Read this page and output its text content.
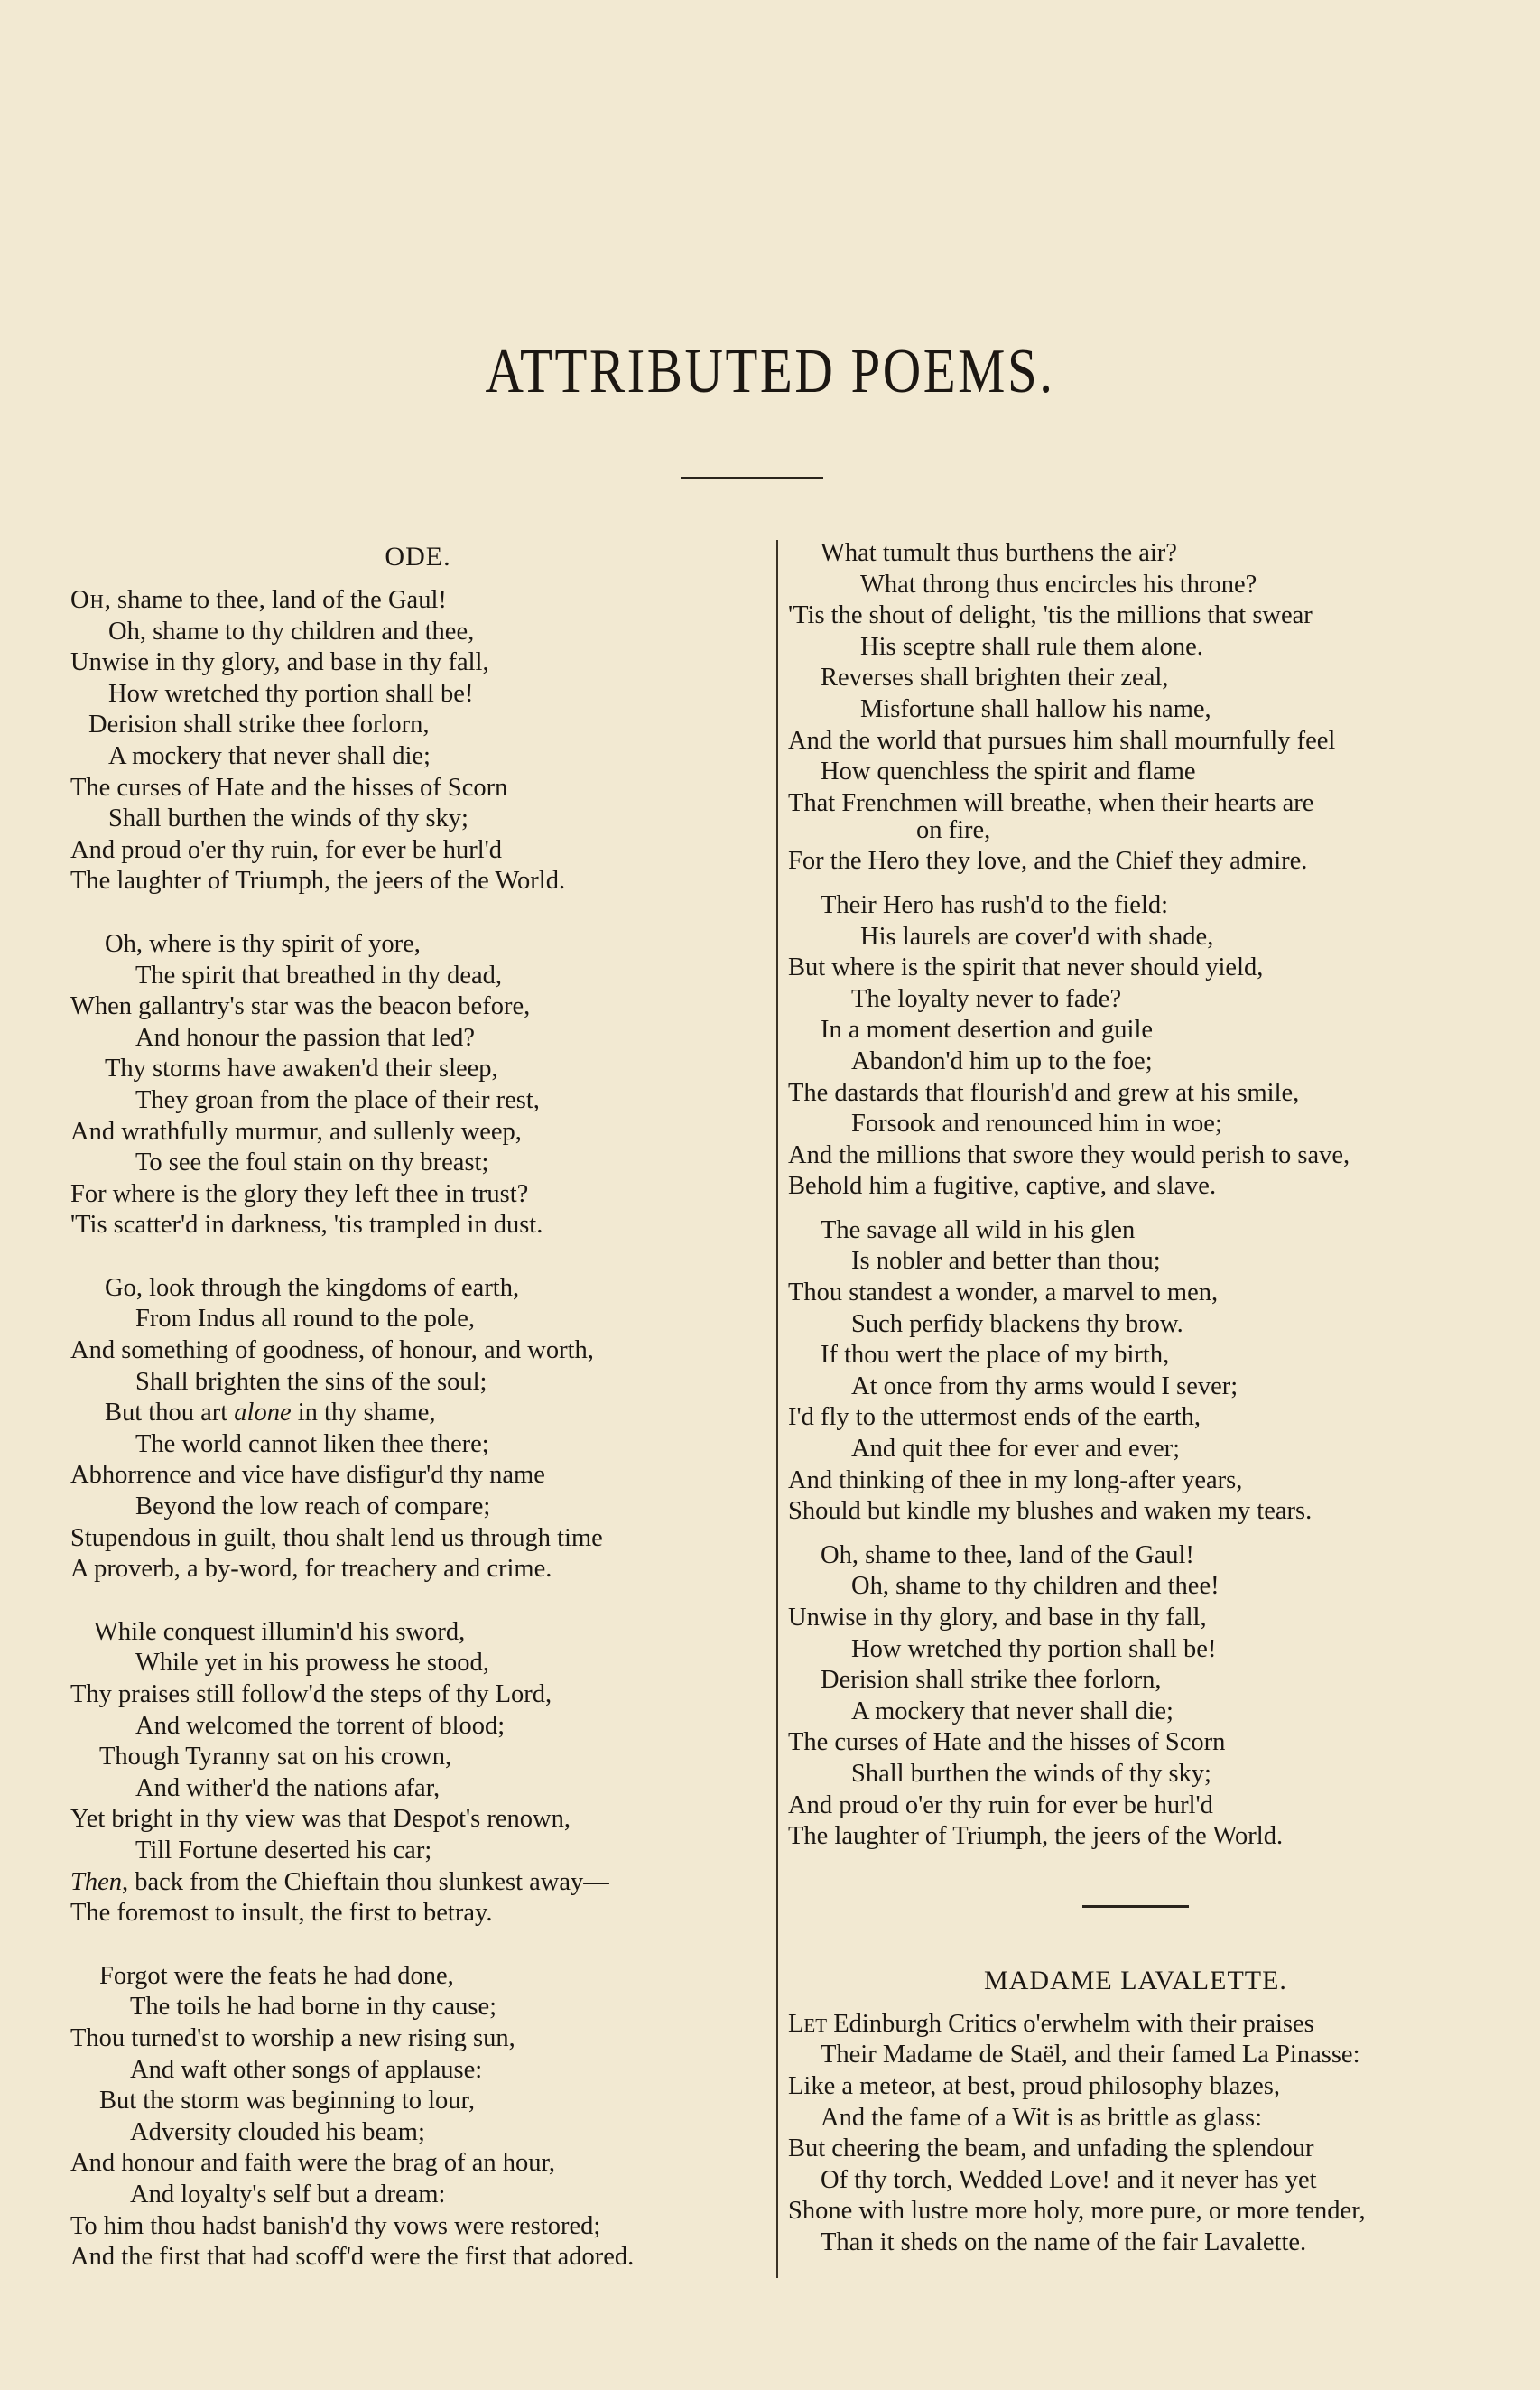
ATTRIBUTED POEMS.
ODE.
OH, shame to thee, land of the Gaul!
Oh, shame to thy children and thee,
Unwise in thy glory, and base in thy fall,
How wretched thy portion shall be!
Derision shall strike thee forlorn,
A mockery that never shall die;
The curses of Hate and the hisses of Scorn
Shall burthen the winds of thy sky;
And proud o'er thy ruin, for ever be hurl'd
The laughter of Triumph, the jeers of the World.
Oh, where is thy spirit of yore,
The spirit that breathed in thy dead,
When gallantry's star was the beacon before,
And honour the passion that led?
Thy storms have awaken'd their sleep,
They groan from the place of their rest,
And wrathfully murmur, and sullenly weep,
To see the foul stain on thy breast;
For where is the glory they left thee in trust?
'Tis scatter'd in darkness, 'tis trampled in dust.
Go, look through the kingdoms of earth,
From Indus all round to the pole,
And something of goodness, of honour, and worth,
Shall brighten the sins of the soul;
But thou art alone in thy shame,
The world cannot liken thee there;
Abhorrence and vice have disfigur'd thy name
Beyond the low reach of compare;
Stupendous in guilt, thou shalt lend us through time
A proverb, a by-word, for treachery and crime.
While conquest illumin'd his sword,
While yet in his prowess he stood,
Thy praises still follow'd the steps of thy Lord,
And welcomed the torrent of blood;
Though Tyranny sat on his crown,
And wither'd the nations afar,
Yet bright in thy view was that Despot's renown,
Till Fortune deserted his car;
Then, back from the Chieftain thou slunkest away—
The foremost to insult, the first to betray.
Forgot were the feats he had done,
The toils he had borne in thy cause;
Thou turned'st to worship a new rising sun,
And waft other songs of applause:
But the storm was beginning to lour,
Adversity clouded his beam;
And honour and faith were the brag of an hour,
And loyalty's self but a dream:
To him thou hadst banish'd thy vows were restored;
And the first that had scoff'd were the first that adored.
What tumult thus burthens the air?
What throng thus encircles his throne?
'Tis the shout of delight, 'tis the millions that swear
His sceptre shall rule them alone.
Reverses shall brighten their zeal,
Misfortune shall hallow his name,
And the world that pursues him shall mournfully feel
How quenchless the spirit and flame
That Frenchmen will breathe, when their hearts are
on fire,
For the Hero they love, and the Chief they admire.
Their Hero has rush'd to the field:
His laurels are cover'd with shade,
But where is the spirit that never should yield,
The loyalty never to fade?
In a moment desertion and guile
Abandon'd him up to the foe;
The dastards that flourish'd and grew at his smile,
Forsook and renounced him in woe;
And the millions that swore they would perish to save,
Behold him a fugitive, captive, and slave.
The savage all wild in his glen
Is nobler and better than thou;
Thou standest a wonder, a marvel to men,
Such perfidy blackens thy brow.
If thou wert the place of my birth,
At once from thy arms would I sever;
I'd fly to the uttermost ends of the earth,
And quit thee for ever and ever;
And thinking of thee in my long-after years,
Should but kindle my blushes and waken my tears.
Oh, shame to thee, land of the Gaul!
Oh, shame to thy children and thee!
Unwise in thy glory, and base in thy fall,
How wretched thy portion shall be!
Derision shall strike thee forlorn,
A mockery that never shall die;
The curses of Hate and the hisses of Scorn
Shall burthen the winds of thy sky;
And proud o'er thy ruin for ever be hurl'd
The laughter of Triumph, the jeers of the World.
MADAME LAVALETTE.
LET Edinburgh Critics o'erwhelm with their praises
Their Madame de Staël, and their famed La Pinasse:
Like a meteor, at best, proud philosophy blazes,
And the fame of a Wit is as brittle as glass:
But cheering the beam, and unfading the splendour
Of thy torch, Wedded Love! and it never has yet
Shone with lustre more holy, more pure, or more tender,
Than it sheds on the name of the fair Lavalette.
